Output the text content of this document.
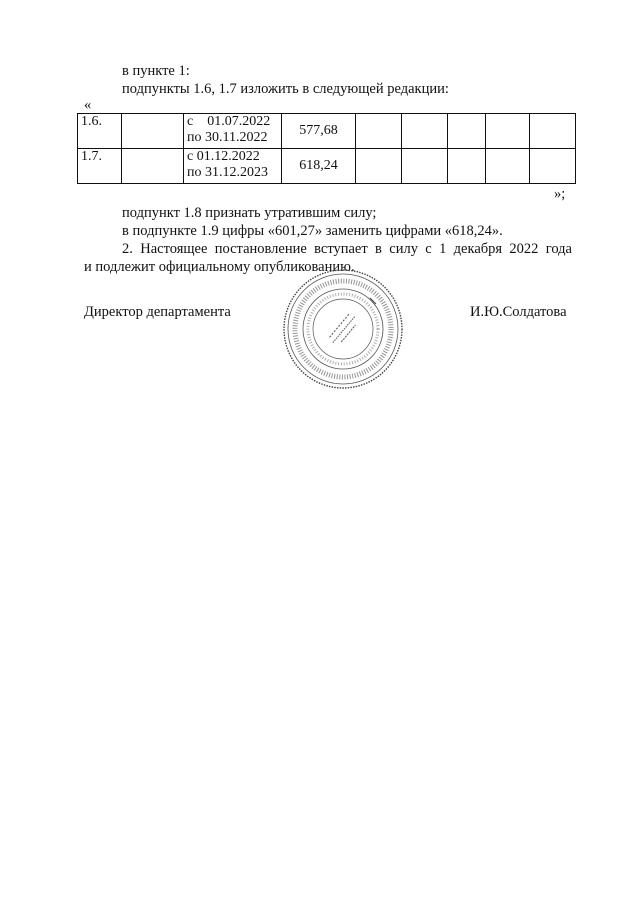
в пункте 1:
подпункты 1.6, 1.7 изложить в следующей редакции:
«
1.6.		с    01.07.2022
по 30.11.2022	577,68					
1.7.		с 01.12.2022
по 31.12.2023	618,24					
»;
подпункт 1.8 признать утратившим силу;
в подпункте 1.9 цифры «601,27» заменить цифрами «618,24».
2. Настоящее постановление вступает в силу с 1 декабря 2022 года
и подлежит официальному опубликованию.
Директор департамента	И.Ю.Солдатова
